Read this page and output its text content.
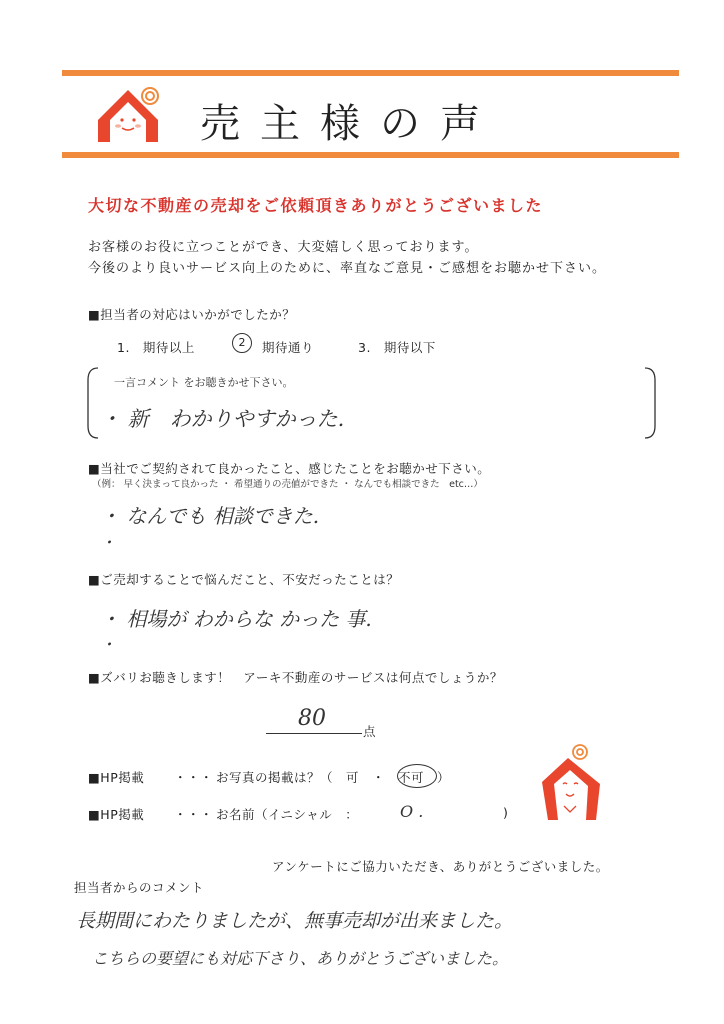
売主様の声
大切な不動産の売却をご依頼頂きありがとうございました
お客様のお役に立つことができ、大変嬉しく思っております。
今後のより良いサービス向上のために、率直なご意見・ご感想をお聴かせ下さい。
■担当者の対応はいかがでしたか？
1.　期待以上	2	期待通り	3.　期待以下
一言コメント をお聴きかせ下さい。
・ 新　わかりやすかった.
■当社でご契約されて良かったこと、感じたことをお聴かせ下さい。
（例： 早く決まって良かった ・ 希望通りの売値ができた ・ なんでも相談できた　etc…）
・ なんでも 相談できた.
・
■ご売却することで悩んだこと、不安だったことは？
・ 相場が わからな かった 事.
・
■ズバリお聴きします！　アーキ不動産のサービスは何点でしょうか？
80
点
■HP掲載 ・・・ お写真の掲載は？（　可　・　不可　）
■HP掲載 ・・・ お名前（イニシャル　：	O .	)
アンケートにご協力いただき、ありがとうございました。
担当者からのコメント
長期間にわたりましたが、無事売却が出来ました。
こちらの要望にも対応下さり、ありがとうございました。
